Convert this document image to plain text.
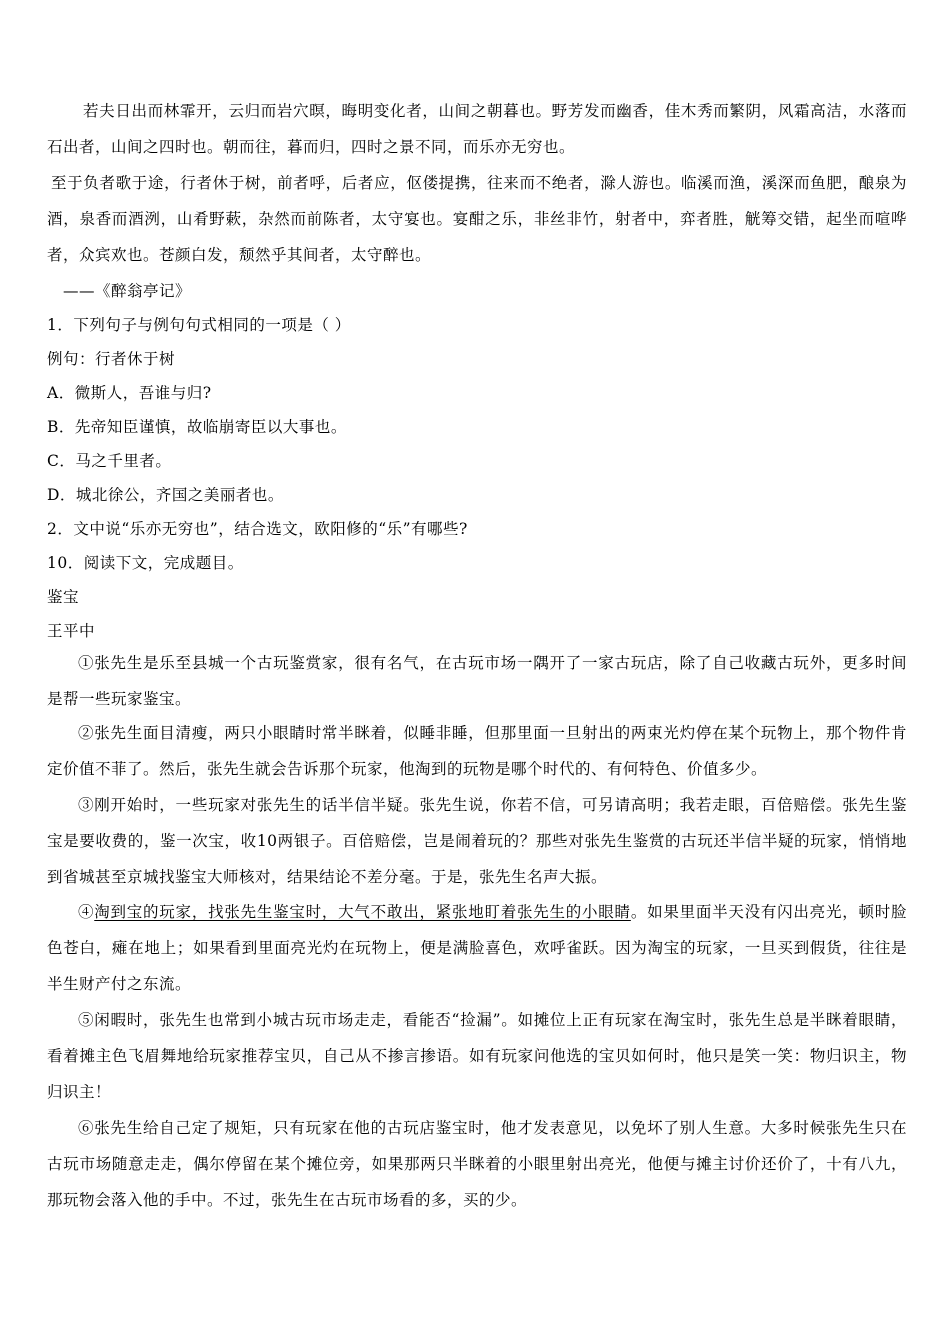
若夫日出而林霏开，云归而岩穴暝，晦明变化者，山间之朝暮也。野芳发而幽香，佳木秀而繁阴，风霜高洁，水落而石出者，山间之四时也。朝而往，暮而归，四时之景不同，而乐亦无穷也。

至于负者歌于途，行者休于树，前者呼，后者应，伛偻提携，往来而不绝者，滁人游也。临溪而渔，溪深而鱼肥，酿泉为酒，泉香而酒洌，山肴野蔌，杂然而前陈者，太守宴也。宴酣之乐，非丝非竹，射者中，弈者胜，觥筹交错，起坐而喧哗者，众宾欢也。苍颜白发，颓然乎其间者，太守醉也。

——《醉翁亭记》

1．下列句子与例句句式相同的一项是（ ）

例句：行者休于树

A．微斯人，吾谁与归?

B．先帝知臣谨慎，故临崩寄臣以大事也。

C．马之千里者。

D．城北徐公，齐国之美丽者也。

2．文中说“乐亦无穷也”，结合选文，欧阳修的“乐”有哪些?

10．阅读下文，完成题目。

鉴宝

王平中

①张先生是乐至县城一个古玩鉴赏家，很有名气，在古玩市场一隅开了一家古玩店，除了自己收藏古玩外，更多时间是帮一些玩家鉴宝。

②张先生面目清瘦，两只小眼睛时常半眯着，似睡非睡，但那里面一旦射出的两束光灼停在某个玩物上，那个物件肯定价值不菲了。然后，张先生就会告诉那个玩家，他淘到的玩物是哪个时代的、有何特色、价值多少。

③刚开始时，一些玩家对张先生的话半信半疑。张先生说，你若不信，可另请高明；我若走眼，百倍赔偿。张先生鉴宝是要收费的，鉴一次宝，收10两银子。百倍赔偿，岂是闹着玩的？那些对张先生鉴赏的古玩还半信半疑的玩家，悄悄地到省城甚至京城找鉴宝大师核对，结果结论不差分毫。于是，张先生名声大振。

④淘到宝的玩家，找张先生鉴宝时，大气不敢出，紧张地盯着张先生的小眼睛。如果里面半天没有闪出亮光，顿时脸色苍白，瘫在地上；如果看到里面亮光灼在玩物上，便是满脸喜色，欢呼雀跃。因为淘宝的玩家，一旦买到假货，往往是半生财产付之东流。

⑤闲暇时，张先生也常到小城古玩市场走走，看能否“捡漏”。如摊位上正有玩家在淘宝时，张先生总是半眯着眼睛，看着摊主色飞眉舞地给玩家推荐宝贝，自己从不掺言掺语。如有玩家问他选的宝贝如何时，他只是笑一笑：物归识主，物归识主！

⑥张先生给自己定了规矩，只有玩家在他的古玩店鉴宝时，他才发表意见，以免坏了别人生意。大多时候张先生只在古玩市场随意走走，偶尔停留在某个摊位旁，如果那两只半眯着的小眼里射出亮光，他便与摊主讨价还价了，十有八九，那玩物会落入他的手中。不过，张先生在古玩市场看的多，买的少。
